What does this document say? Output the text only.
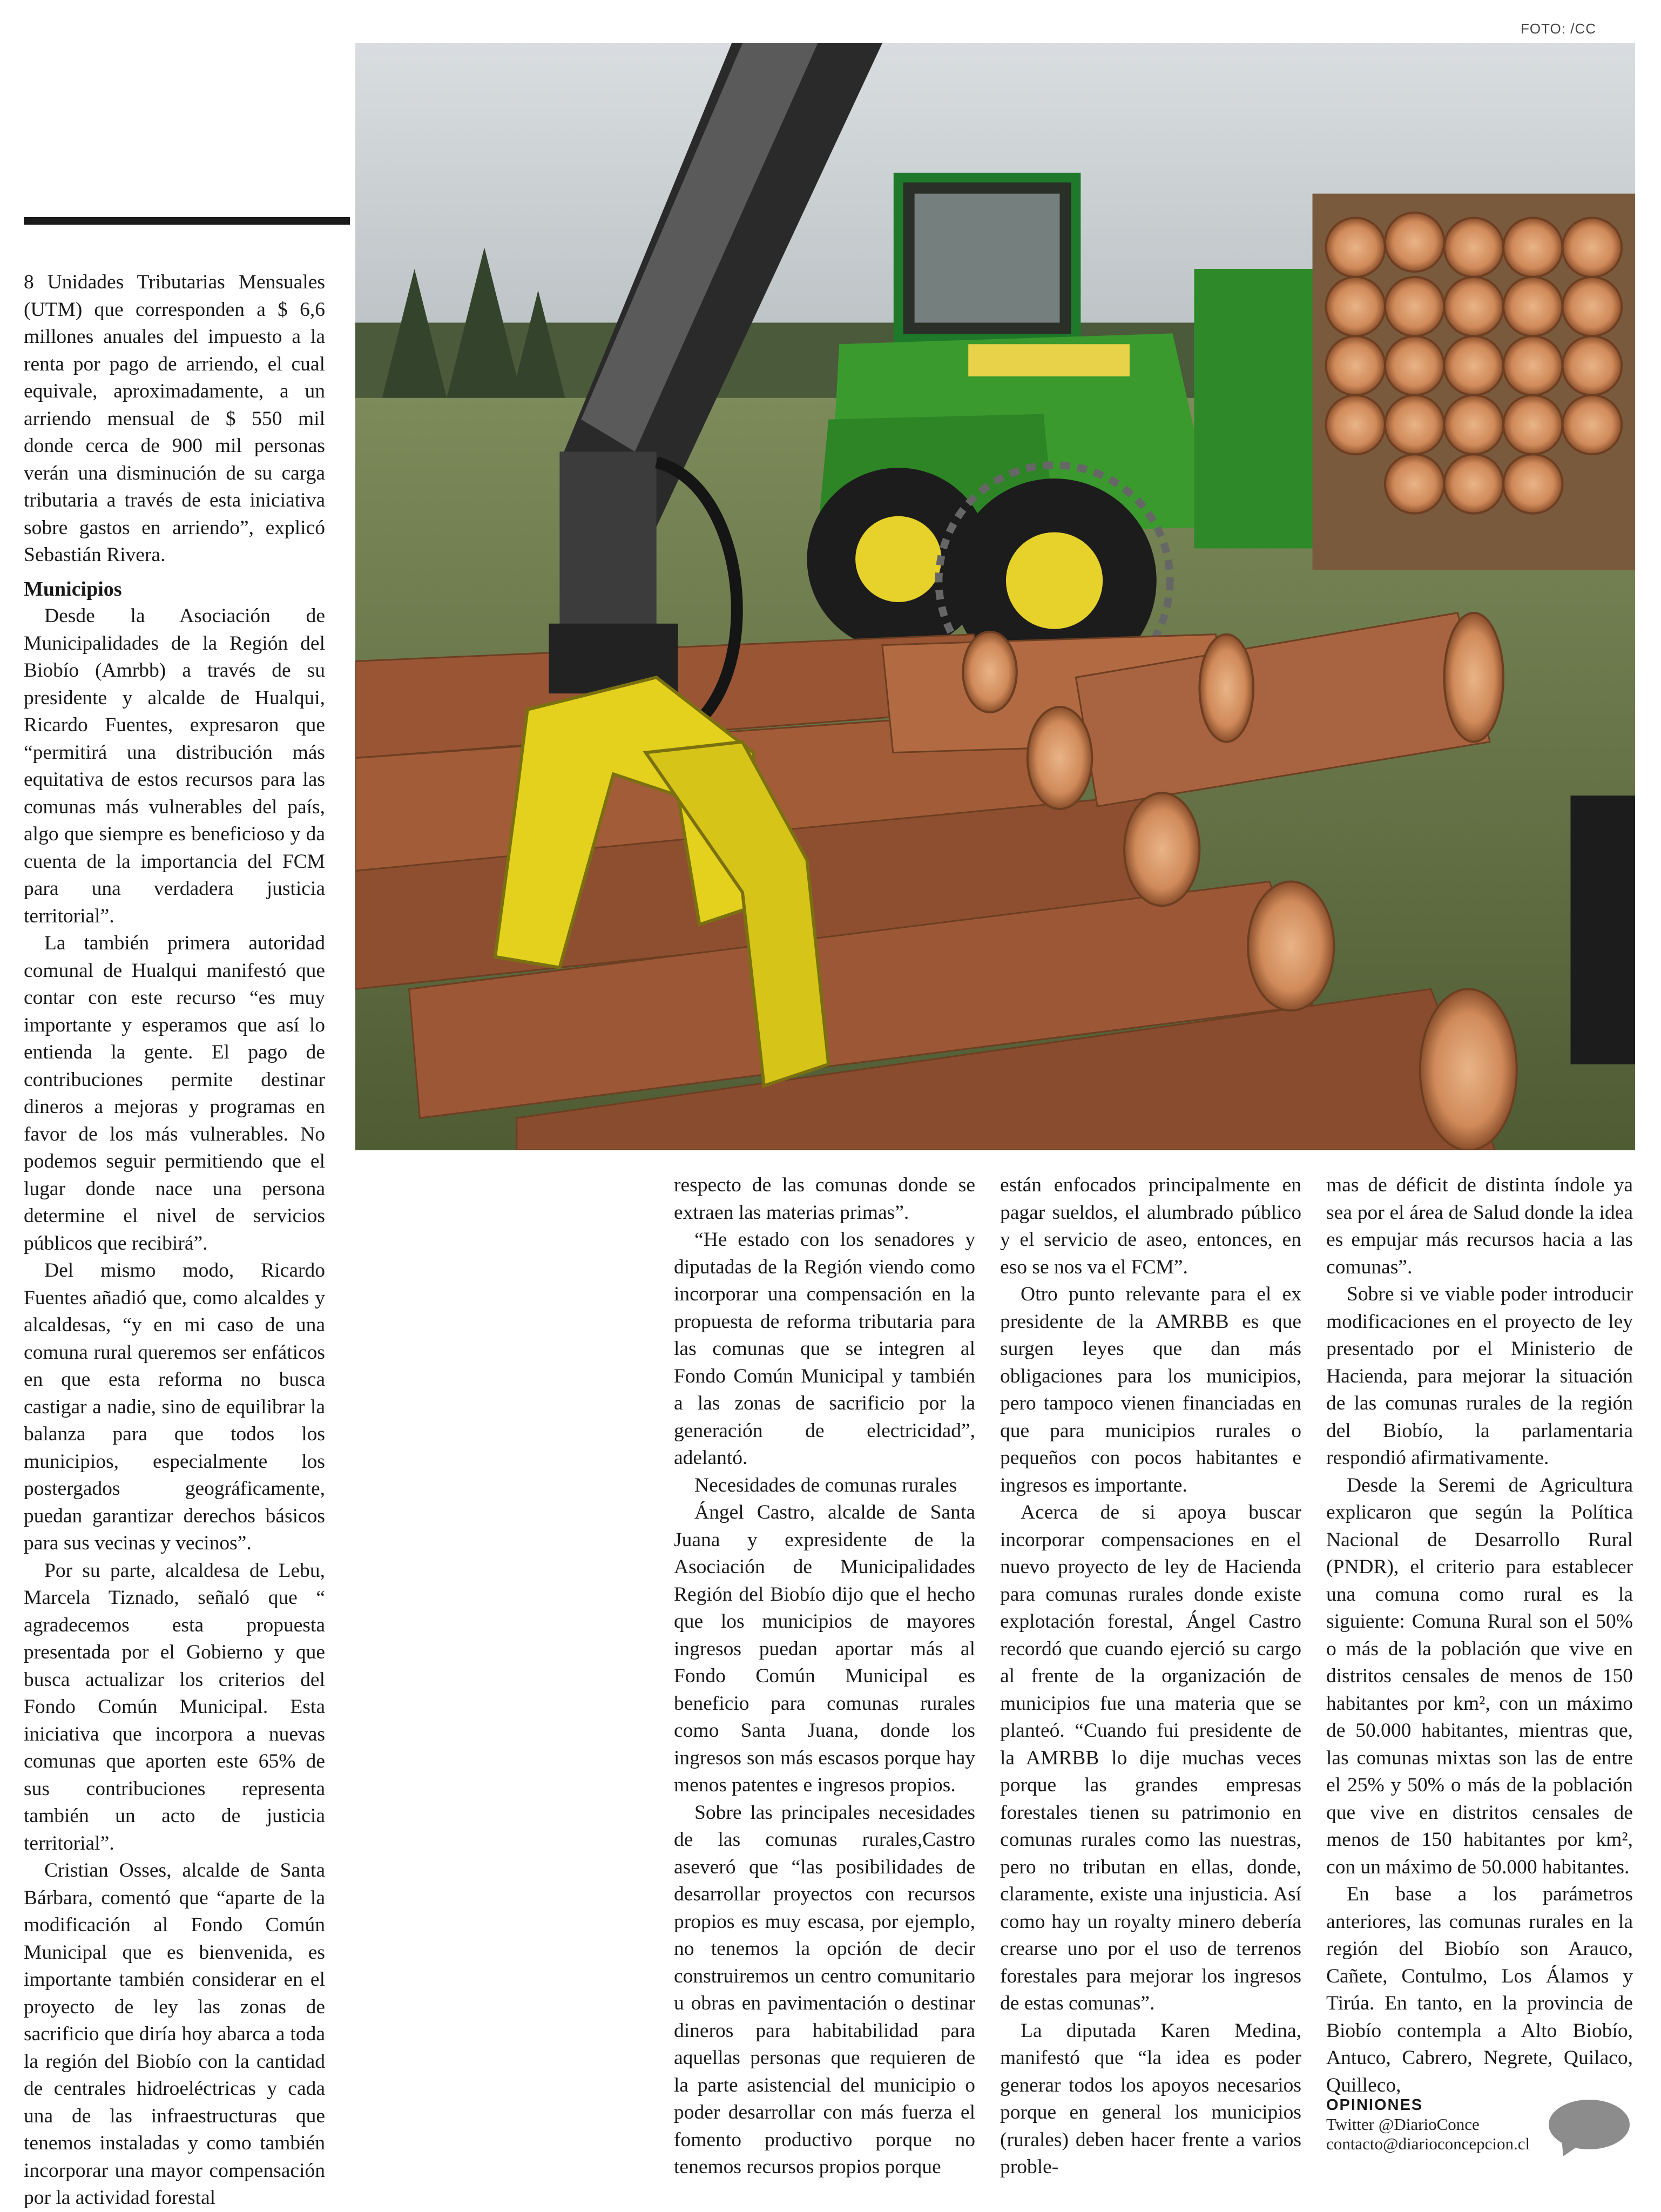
FOTO: /CC

8 Unidades Tributarias Mensuales (UTM) que corresponden a $ 6,6 millones anuales del impuesto a la renta por pago de arriendo, el cual equivale, aproximadamente, a un arriendo mensual de $ 550 mil donde cerca de 900 mil personas verán una disminución de su carga tributaria a través de esta iniciativa sobre gastos en arriendo”, explicó Sebastián Rivera.

Municipios

Desde la Asociación de Municipalidades de la Región del Biobío (Amrbb) a través de su presidente y alcalde de Hualqui, Ricardo Fuentes, expresaron que “permitirá una distribución más equitativa de estos recursos para las comunas más vulnerables del país, algo que siempre es beneficioso y da cuenta de la importancia del FCM para una verdadera justicia territorial”.

La también primera autoridad comunal de Hualqui manifestó que contar con este recurso “es muy importante y esperamos que así lo entienda la gente. El pago de contribuciones permite destinar dineros a mejoras y programas en favor de los más vulnerables. No podemos seguir permitiendo que el lugar donde nace una persona determine el nivel de servicios públicos que recibirá”.

Del mismo modo, Ricardo Fuentes añadió que, como alcaldes y alcaldesas, “y en mi caso de una comuna rural queremos ser enfáticos en que esta reforma no busca castigar a nadie, sino de equilibrar la balanza para que todos los municipios, especialmente los postergados geográficamente, puedan garantizar derechos básicos para sus vecinas y vecinos”.

Por su parte, alcaldesa de Lebu, Marcela Tiznado, señaló que “ agradecemos esta propuesta presentada por el Gobierno y que busca actualizar los criterios del Fondo Común Municipal. Esta iniciativa que incorpora a nuevas comunas que aporten este 65% de sus contribuciones representa también un acto de justicia territorial”.

Cristian Osses, alcalde de Santa Bárbara, comentó que “aparte de la modificación al Fondo Común Municipal que es bienvenida, es importante también considerar en el proyecto de ley las zonas de sacrificio que diría hoy abarca a toda la región del Biobío con la cantidad de centrales hidroeléctricas y cada una de las infraestructuras que tenemos instaladas y como también incorporar una mayor compensación por la actividad forestal

respecto de las comunas donde se extraen las materias primas”.

“He estado con los senadores y diputadas de la Región viendo como incorporar una compensación en la propuesta de reforma tributaria para las comunas que se integren al Fondo Común Municipal y también a las zonas de sacrificio por la generación de electricidad”, adelantó.

Necesidades de comunas rurales

Ángel Castro, alcalde de Santa Juana y expresidente de la Asociación de Municipalidades Región del Biobío dijo que el hecho que los municipios de mayores ingresos puedan aportar más al Fondo Común Municipal es beneficio para comunas rurales como Santa Juana, donde los ingresos son más escasos porque hay menos patentes e ingresos propios.

Sobre las principales necesidades de las comunas rurales,Castro aseveró que “las posibilidades de desarrollar proyectos con recursos propios es muy escasa, por ejemplo, no tenemos la opción de decir construiremos un centro comunitario u obras en pavimentación o destinar dineros para habitabilidad para aquellas personas que requieren de la parte asistencial del municipio o poder desarrollar con más fuerza el fomento productivo porque no tenemos recursos propios porque

están enfocados principalmente en pagar sueldos, el alumbrado público y el servicio de aseo, entonces, en eso se nos va el FCM”.

Otro punto relevante para el ex presidente de la AMRBB es que surgen leyes que dan más obligaciones para los municipios, pero tampoco vienen financiadas en que para municipios rurales o pequeños con pocos habitantes e ingresos es importante.

Acerca de si apoya buscar incorporar compensaciones en el nuevo proyecto de ley de Hacienda para comunas rurales donde existe explotación forestal, Ángel Castro recordó que cuando ejerció su cargo al frente de la organización de municipios fue una materia que se planteó. “Cuando fui presidente de la AMRBB lo dije muchas veces porque las grandes empresas forestales tienen su patrimonio en comunas rurales como las nuestras, pero no tributan en ellas, donde, claramente, existe una injusticia. Así como hay un royalty minero debería crearse uno por el uso de terrenos forestales para mejorar los ingresos de estas comunas”.

La diputada Karen Medina, manifestó que “la idea es poder generar todos los apoyos necesarios porque en general los municipios (rurales) deben hacer frente a varios proble-

mas de déficit de distinta índole ya sea por el área de Salud donde la idea es empujar más recursos hacia a las comunas”.

Sobre si ve viable poder introducir modificaciones en el proyecto de ley presentado por el Ministerio de Hacienda, para mejorar la situación de las comunas rurales de la región del Biobío, la parlamentaria respondió afirmativamente.

Desde la Seremi de Agricultura explicaron que según la Política Nacional de Desarrollo Rural (PNDR), el criterio para establecer una comuna como rural es la siguiente: Comuna Rural son el 50% o más de la población que vive en distritos censales de menos de 150 habitantes por km², con un máximo de 50.000 habitantes, mientras que, las comunas mixtas son las de entre el 25% y 50% o más de la población que vive en distritos censales de menos de 150 habitantes por km², con un máximo de 50.000 habitantes.

En base a los parámetros anteriores, las comunas rurales en la región del Biobío son Arauco, Cañete, Contulmo, Los Álamos y Tirúa. En tanto, en la provincia de Biobío contempla a Alto Biobío, Antuco, Cabrero, Negrete, Quilaco, Quilleco,

OPINIONES
Twitter @DiarioConce
contacto@diarioconcepcion.cl
